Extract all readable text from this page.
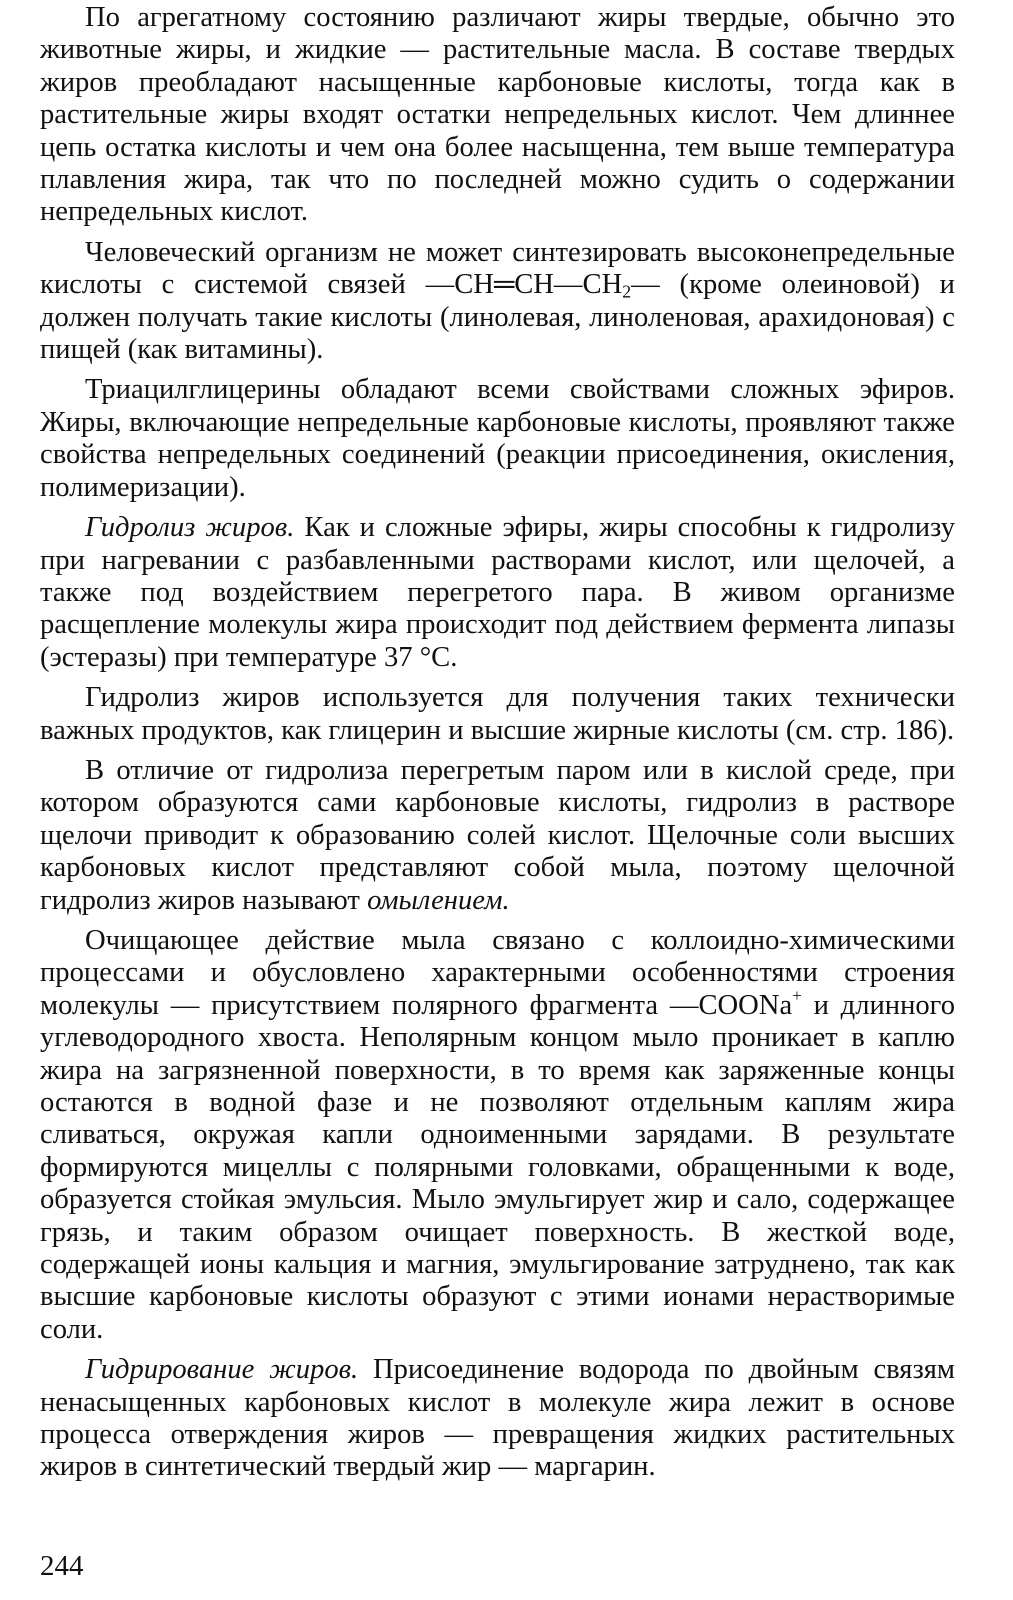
По агрегатному состоянию различают жиры твердые, обычно это животные жиры, и жидкие — растительные масла. В составе твердых жиров преобладают насыщенные карбоновые кислоты, тогда как в растительные жиры входят остатки непредельных кислот. Чем длиннее цепь остатка кислоты и чем она более насыщенна, тем выше температура плавления жира, так что по последней можно судить о содержании непредельных кислот.

Человеческий организм не может синтезировать высоконепредельные кислоты с системой связей $—CH═CH—CH_2—$ (кроме олеиновой) и должен получать такие кислоты (линолевая, линоленовая, арахидоновая) с пищей (как витамины).

Триацилглицерины обладают всеми свойствами сложных эфиров. Жиры, включающие непредельные карбоновые кислоты, проявляют также свойства непредельных соединений (реакции присоединения, окисления, полимеризации).

Гидролиз жиров. Как и сложные эфиры, жиры способны к гидролизу при нагревании с разбавленными растворами кислот, или щелочей, а также под воздействием перегретого пара. В живом организме расщепление молекулы жира происходит под действием фермента липазы (эстеразы) при температуре 37 °С.

Гидролиз жиров используется для получения таких технически важных продуктов, как глицерин и высшие жирные кислоты (см. стр. 186).

В отличие от гидролиза перегретым паром или в кислой среде, при котором образуются сами карбоновые кислоты, гидролиз в растворе щелочи приводит к образованию солей кислот. Щелочные соли высших карбоновых кислот представляют собой мыла, поэтому щелочной гидролиз жиров называют омылением.

Очищающее действие мыла связано с коллоидно-химическими процессами и обусловлено характерными особенностями строения молекулы — присутствием полярного фрагмента —COONa+ и длинного углеводородного хвоста. Неполярным концом мыло проникает в каплю жира на загрязненной поверхности, в то время как заряженные концы остаются в водной фазе и не позволяют отдельным каплям жира сливаться, окружая капли одноименными зарядами. В результате формируются мицеллы с полярными головками, обращенными к воде, образуется стойкая эмульсия. Мыло эмульгирует жир и сало, содержащее грязь, и таким образом очищает поверхность. В жесткой воде, содержащей ионы кальция и магния, эмульгирование затруднено, так как высшие карбоновые кислоты образуют с этими ионами нерастворимые соли.

Гидрирование жиров. Присоединение водорода по двойным связям ненасыщенных карбоновых кислот в молекуле жира лежит в основе процесса отверждения жиров — превращения жидких растительных жиров в синтетический твердый жир — маргарин.

244
